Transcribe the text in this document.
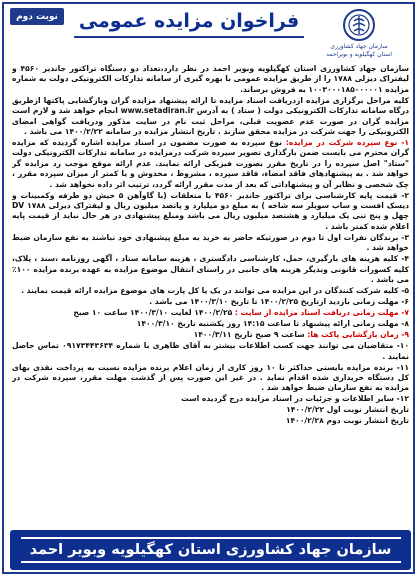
نوبت دوم	فراخوان مزایده عمومی
سازمان جهاد کشاورزی
استان کهگیلویه و بویراحمد

سازمان جهاد کشاورزی استان کهگیلویه وبویر احمد در نظر دارد،تعداد دو دستگاه تراکتور جاندیر ۴۵۶۰ و لیفتراک دیزلی ۱۷۸۸ را از طریق مزایده عمومی با بهره گیری از سامانه تدارکات الکترونیکی دولت به شماره مزایده ۱۰۰۳۰۰۰۱۸۵۰۰۰۰۰۱ به فروش برساند.

کلیه مراحل برگزاری مزایده ازدریافت اسناد مزایده تا ارائه پیشنهاد مزایده گران وبازگشایی پاکتها ازطریق درگاه سامانه تدارکات الکترونیکی دولت ( ستاد ) به آدرس www.setadiran.ir انجام خواهد شد و لازم است مزایده گران در صورت عدم عضویت قبلی، مراحل ثبت نام در سایت مذکور ودریافت گواهی امضای الکترونیکی را جهت شرکت در مزایده محقق سازند . تاریخ انتشار مزایده در سامانه ۱۴۰۰/۲/۲۲ می باشد .

۱- نوع سپرده شرکت در مزایده: نوع سپرده به صورت مضمون در اسناد مزایده اشاره گردیده که مزایده گران محترم می بایست ضمن بارگذاری تصویر سپرده شرکت درمزایده در سامانه تدارکات الکترونیکی دولت "ستاد" اصل سپرده را در تاریخ مقرر بصورت فیزیکی ارائه نمایند. عدم ارائه موقع موجب رد مزایده گر خواهد شد . به پیشنهادهای فاقد امضاء، فاقد سپرده ، مشروط ، مخدوش و یا کمتر از میزان سپرده مقرر ، چک شخصی و نظایر آن و پیشنهاداتی که بعد از مدت مقرر ارائه گردد، ترتیب اثر داده نخواهد شد .

۲- قیمت پایه کارشناسی برای تراکتور جاندیر ۴۵۶۰ با متعلقات (با گاوآهن ۵ خیش دو طرفه وکمبینات و دیسک افست و ساب سویلر سه شاخه ) به مبلغ دو میلیارد و پانصد میلیون ریال و لیفتراک دیزلی DV ۱۷۸۸ چهل و پنج تنی یک میلیارد و هشتصد میلیون ریال می باشد ومبلغ پیشنهادی در هر حال نباید از قیمت پایه اعلام شده کمتر باشد .

۳- برندگان نفرات اول تا دوم در صورتیکه حاضر به خرید به مبلغ پیشنهادی خود نباشند به نفع سازمان ضبط خواهد شد .

۴- کلیه هزینه های بارگیری، حمل، کارشناسی دادگستری ، هزینه سامانه ستاد ، آگهی روزنامه ،سند ، پلاک، کلیه کسورات قانونی وبدیگر هزینه های جانبی در راستای انتقال موضوع مزایده به عهده برنده مزایده ۱۰۰٪ می باشد .

۵- کلیه شرکت کنندگان در این مزایده می توانند در یک یا کل پارت های موضوع مزایده ارائه قیمت نمایند .

۶- مهلت زمانی بازدید ازتاریخ ۱۴۰۰/۲/۲۵ تا تاریخ ۱۴۰۰/۳/۱۰ می باشد .

۷- مهلت زمانی دریافت اسناد مزایده از سایت : ۱۴۰۰/۲/۲۵ لغایت ۱۴۰۰/۳/۱۰ ساعت ۱۰ صبح

۸- مهلت زمانی ارائه پیشنهاد تا ساعت ۱۴:۱۵ روز یکشنبه تاریخ ۱۴۰۰/۳/۱۰

۹- زمان بازگشایی پاکت ها: ساعت ۹ صبح تاریخ ۱۴۰۰/۳/۱۱

۱۰- متقاضیان می توانند جهت کسب اطلاعات بیشتر به آقای ظاهری با شماره ۰۹۱۷۳۴۴۳۶۳۴ تماس حاصل نمایند .

۱۱- برنده مزایده بایستی حداکثر تا ۱۰ روز کاری از زمان اعلام برنده مزایده نسبت به پرداخت نقدی بهای کل دستگاه خریداری شده اقدام نماید . در غیر این صورت پس از گذشت مهلت مقرر، سپرده شرکت در مزایده به نفع سازمان ضبط خواهد شد .

۱۲- سایر اطلاعات و جزئیات در اسناد مزایده درج گردیده است

تاریخ انتشار نوبت اول ۱۴۰۰/۲/۲۲

تاریخ انتشار نوبت دوم ۱۴۰۰/۲/۲۸

سازمان جهاد کشاورزی استان کهگیلویه وبویر احمد
